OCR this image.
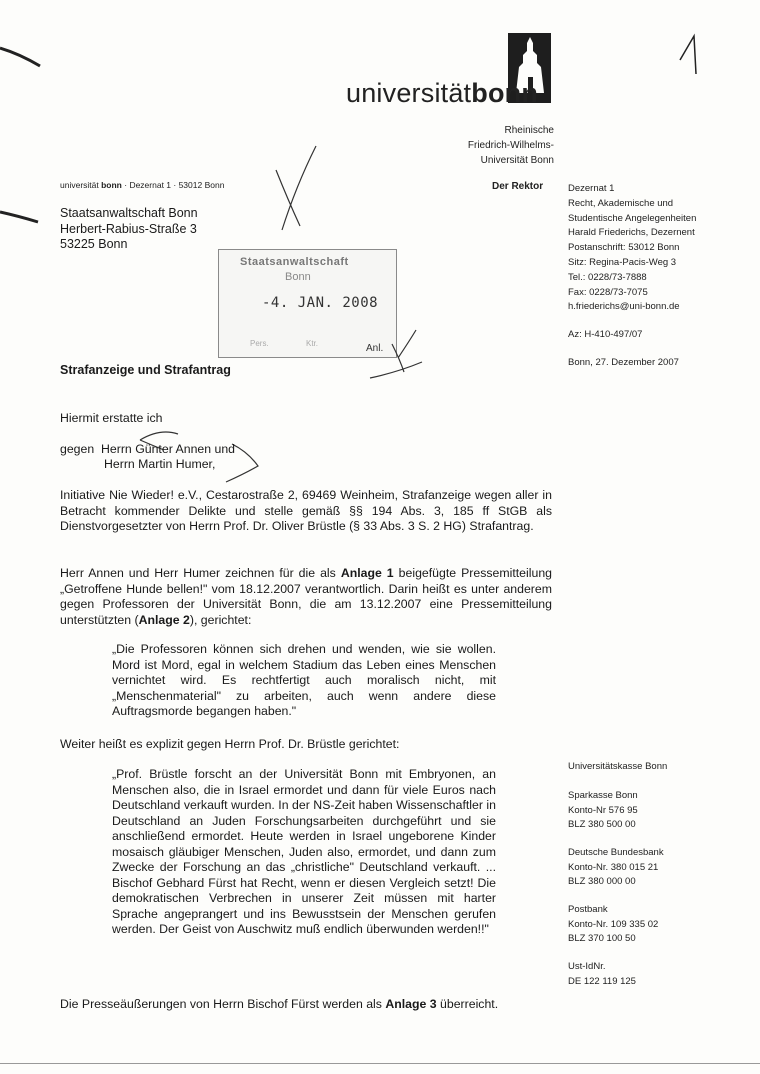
universitätbonn
1
Rheinische
Friedrich-Wilhelms-
Universität Bonn
universität bonn · Dezernat 1 · 53012 Bonn	Der Rektor	Dezernat 1
Recht, Akademische und
Studentische Angelegenheiten
Harald Friederichs, Dezernent
Postanschrift: 53012 Bonn
Sitz: Regina-Pacis-Weg 3
Tel.: 0228/73-7888
Fax: 0228/73-7075
h.friederichs@uni-bonn.de
Az: H-410-497/07
Bonn, 27. Dezember 2007
Staatsanwaltschaft Bonn
Herbert-Rabius-Straße 3
53225 Bonn
Staatsanwaltschaft
Bonn
-4. JAN. 2008
Pers.	Ktr.	Anl.
Strafanzeige und Strafantrag
Hiermit erstatte ich
gegen  Herrn Günter Annen und
Herrn Martin Humer,
Initiative Nie Wieder! e.V., Cestarostraße 2, 69469 Weinheim, Strafanzeige wegen aller in Betracht kommender Delikte und stelle gemäß §§ 194 Abs. 3, 185 ff StGB als Dienstvorgesetzter von Herrn Prof. Dr. Oliver Brüstle (§ 33 Abs. 3 S. 2 HG) Strafantrag.
Herr Annen und Herr Humer zeichnen für die als Anlage 1 beigefügte Pressemitteilung „Getroffene Hunde bellen!" vom 18.12.2007 verantwortlich. Darin heißt es unter anderem gegen Professoren der Universität Bonn, die am 13.12.2007 eine Pressemitteilung unterstützten (Anlage 2), gerichtet:
„Die Professoren können sich drehen und wenden, wie sie wollen. Mord ist Mord, egal in welchem Stadium das Leben eines Menschen vernichtet wird. Es rechtfertigt auch moralisch nicht, mit „Menschenmaterial" zu arbeiten, auch wenn andere diese Auftragsmorde begangen haben."
Weiter heißt es explizit gegen Herrn Prof. Dr. Brüstle gerichtet:
„Prof. Brüstle forscht an der Universität Bonn mit Embryonen, an Menschen also, die in Israel ermordet und dann für viele Euros nach Deutschland verkauft wurden. In der NS-Zeit haben Wissenschaftler in Deutschland an Juden Forschungsarbeiten durchgeführt und sie anschließend ermordet. Heute werden in Israel ungeborene Kinder mosaisch gläubiger Menschen, Juden also, ermordet, und dann zum Zwecke der Forschung an das „christliche" Deutschland verkauft. ... Bischof Gebhard Fürst hat Recht, wenn er diesen Vergleich setzt! Die demokratischen Verbrechen in unserer Zeit müssen mit harter Sprache angeprangert und ins Bewusstsein der Menschen gerufen werden. Der Geist von Auschwitz muß endlich überwunden werden!!"
Die Presseäußerungen von Herrn Bischof Fürst werden als Anlage 3 überreicht.
Universitätskasse Bonn
Sparkasse Bonn
Konto-Nr 576 95
BLZ 380 500 00
Deutsche Bundesbank
Konto-Nr. 380 015 21
BLZ 380 000 00
Postbank
Konto-Nr. 109 335 02
BLZ 370 100 50
Ust-IdNr.
DE 122 119 125
